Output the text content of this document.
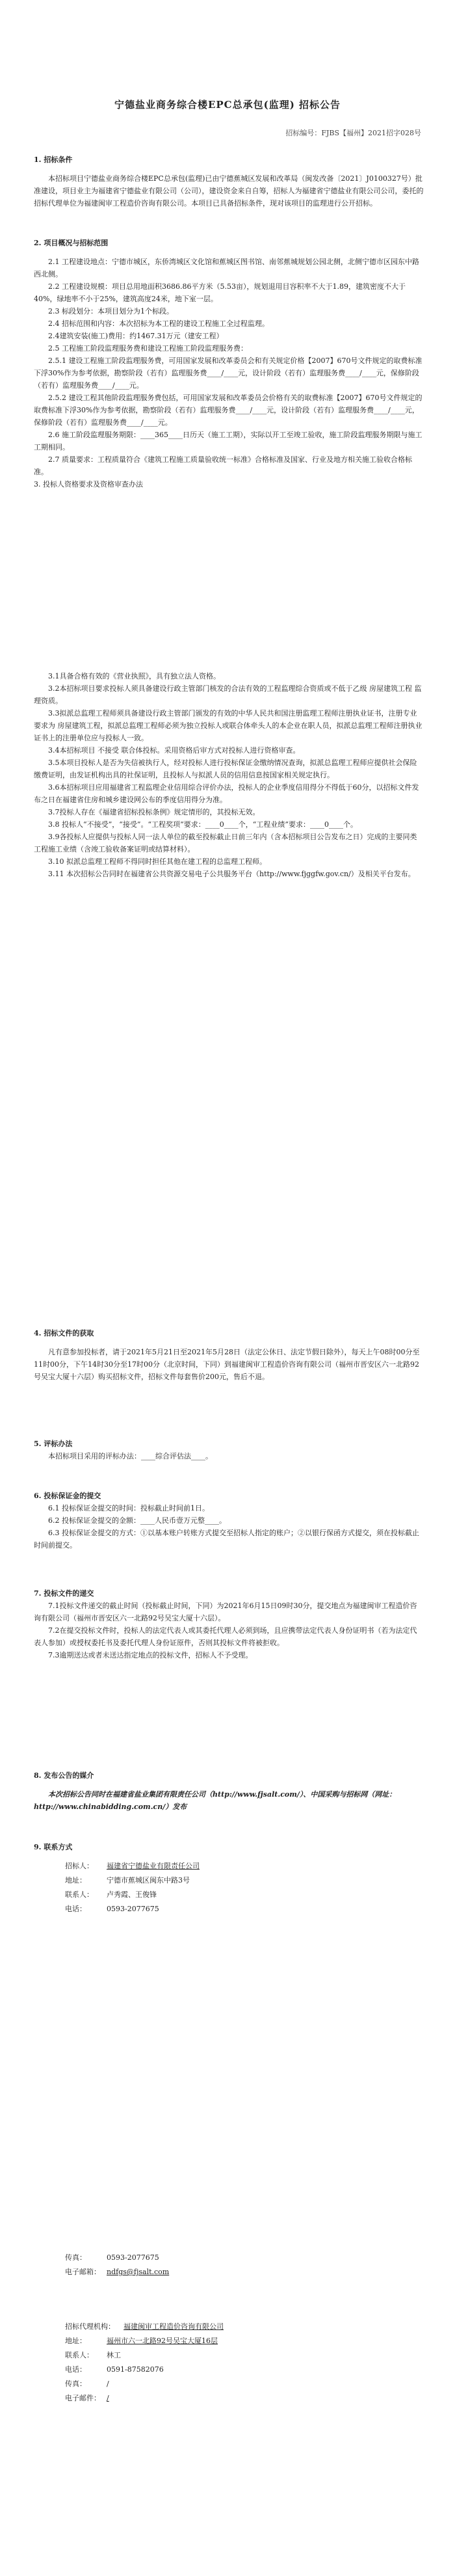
宁德盐业商务综合楼EPC总承包(监理) 招标公告
招标编号：FJBS【福州】2021招字028号
1. 招标条件

本招标项目宁德盐业商务综合楼EPC总承包(监理)已由宁德蕉城区发展和改革局（闽发改备〔2021〕J0100327号）批准建设，项目业主为福建省宁德盐业有限公司（公司），建设资金来自自筹，招标人为福建省宁德盐业有限公司公司，委托的招标代理单位为福建闽审工程造价咨询有限公司。本项目已具备招标条件，现对该项目的监理进行公开招标。

2. 项目概况与招标范围

2.1 工程建设地点：宁德市城区，东侨湾城区文化馆和蕉城区图书馆、南邻蕉城规划公园北侧，北侧宁德市区园东中路西北侧。

2.2 工程建设规模：项目总用地面积3686.86平方米（5.53亩），规划退用目容积率不大于1.89，建筑密度不大于40%，绿地率不小于25%，建筑高度24米，地下室一层。

2.3 标段划分：本项目划分为1个标段。

2.4 招标范围和内容：本次招标为本工程的建设工程施工全过程监理。

2.4建筑安装(施工)费用：约1467.31万元（建安工程）

2.5 工程施工阶段监理服务费和建设工程施工阶段监理服务费：

2.5.1 建设工程施工阶段监理服务费，可用国家发展和改革委员会和有关规定价格【2007】670号文件规定的取费标准下浮30%作为参考依据，勘察阶段（若有）监理服务费____/____元，设计阶段（若有）监理服务费____/____元，保修阶段（若有）监理服务费____/____元。

2.5.2 建设工程其他阶段监理服务费包括，可用国家发展和改革委员会价格有关的取费标准【2007】670号文件规定的取费标准下浮30%作为参考依据，勘察阶段（若有）监理服务费____/____元，设计阶段（若有）监理服务费____/____元，保修阶段（若有）监理服务费____/____元。

2.6 施工阶段监理服务期限：____365____日历天（施工工期），实际以开工至竣工验收，施工阶段监理服务期限与施工工期相同。

2.7 质量要求：工程质量符合《建筑工程施工质量验收统一标准》合格标准及国家、行业及地方相关施工验收合格标准。

3. 投标人资格要求及资格审查办法

3.1具备合格有效的《营业执照》，具有独立法人资格。

3.2本招标项目要求投标人须具备建设行政主管部门核发的合法有效的工程监理综合资质或不低于乙级 房屋建筑工程 监理资质。

3.3拟派总监理工程师须具备建设行政主管部门颁发的有效的中华人民共和国注册监理工程师注册执业证书，注册专业要求为 房屋建筑工程，拟派总监理工程师必须为独立投标人或联合体牵头人的本企业在职人员，拟派总监理工程师注册执业证书上的注册单位应与投标人一致。

3.4本招标项目 不接受 联合体投标。采用资格后审方式对投标人进行资格审查。

3.5本项目投标人是否为失信被执行人，经对投标人进行投标保证金缴纳情况查询，拟派总监理工程师应提供社会保险缴费证明，由发证机构出具的社保证明，且投标人与拟派人员的信用信息按国家相关规定执行。

3.6本招标项目应用福建省工程监理企业信用综合评价办法，投标人的企业季度信用得分不得低于60分，以招标文件发布之日在福建省住房和城乡建设网公布的季度信用得分为准。

3.7投标人存在《福建省招标投标条例》规定情形的，其投标无效。

3.8 投标人“不接受”，“接受”。“工程奖项”要求：____0____个，“工程业绩”要求：____0____个。

3.9各投标人应提供与投标人同一法人单位的截至投标截止日前三年内（含本招标项目公告发布之日）完成的主要同类工程施工业绩（含竣工验收备案证明或结算材料）。

3.10 拟派总监理工程师不得同时担任其他在建工程的总监理工程师。

3.11 本次招标公告同时在福建省公共资源交易电子公共服务平台（http://www.fjggfw.gov.cn/）及相关平台发布。

4. 招标文件的获取

凡有意参加投标者，请于2021年5月21日至2021年5月28日（法定公休日、法定节假日除外），每天上午08时00分至11时00分，下午14时30分至17时00分（北京时间，下同）到福建闽审工程造价咨询有限公司（福州市晋安区六一北路92号吴宝大厦十六层）购买招标文件，招标文件每套售价200元，售后不退。

5. 评标办法

本招标项目采用的评标办法：____综合评估法____。

6. 投标保证金的提交

6.1 投标保证金提交的时间：投标截止时间前1日。

6.2 投标保证金提交的金额：____人民币壹万元整____。

6.3 投标保证金提交的方式：①以基本账户转账方式提交至招标人指定的账户；②以银行保函方式提交，须在投标截止时间前提交。

7. 投标文件的递交

7.1投标文件递交的截止时间（投标截止时间，下同）为2021年6月15日09时30分，提交地点为福建闽审工程造价咨询有限公司（福州市晋安区六一北路92号吴宝大厦十六层）。

7.2在提交投标文件时，投标人的法定代表人或其委托代理人必须到场，且应携带法定代表人身份证明书（若为法定代表人参加）或授权委托书及委托代理人身份证原件，否则其投标文件将被拒收。

7.3逾期送达或者未送达指定地点的投标文件，招标人不予受理。

8. 发布公告的媒介

本次招标公告同时在福建省盐业集团有限责任公司（http://www.fjsalt.com/）、中国采购与招标网（网址：http://www.chinabidding.com.cn/）发布

9. 联系方式
招标人： 福建省宁德盐业有限责任公司
地址：	宁德市蕉城区闽东中路3号
联系人： 卢秀霞、王俊锋
电话：	0593-2077675
传真：	0593-2077675
电子邮箱： ndfgs@fjsalt.com
招标代理机构： 福建闽审工程造价咨询有限公司
地址：	福州市六一北路92号吴宝大厦16层
联系人： 林工
电话：	0591-87582076
传真：	/
电子邮件： /
